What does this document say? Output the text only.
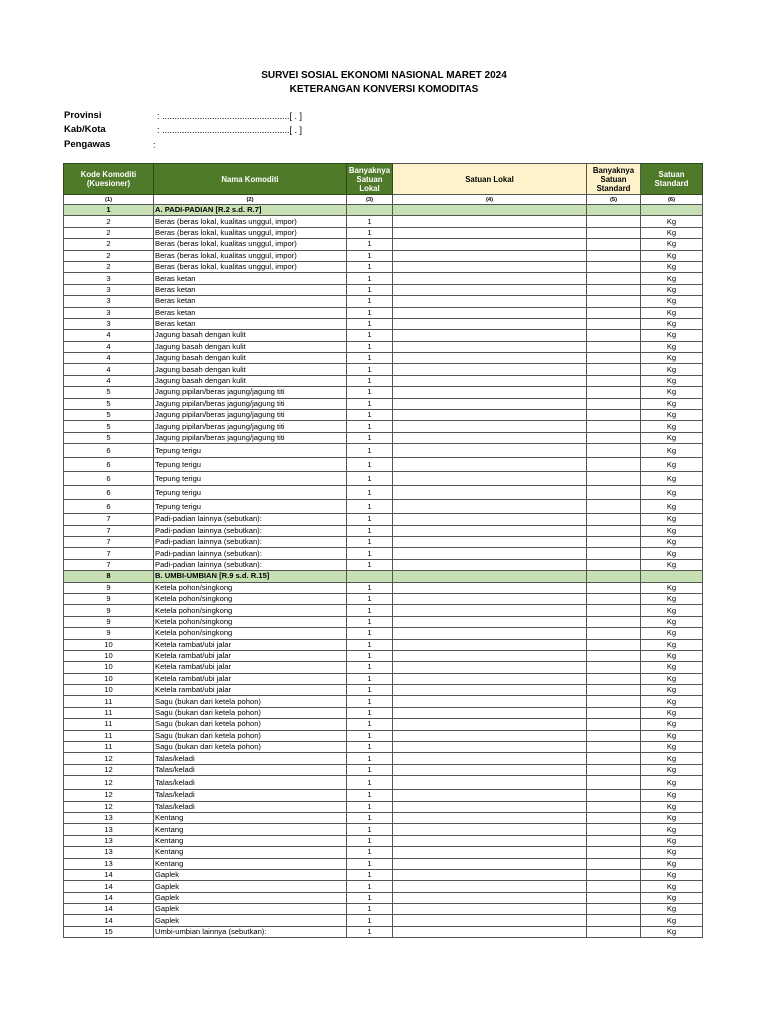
SURVEI SOSIAL EKONOMI NASIONAL MARET 2024
KETERANGAN KONVERSI KOMODITAS
Provinsi	: ...................................................[ . ]
Kab/Kota	: ...................................................[ . ]
Pengawas	:
Kode Komoditi (Kuesioner)	Nama Komoditi	Banyaknya Satuan Lokal	Satuan Lokal	Banyaknya Satuan Standard	Satuan Standard
(1)	(2)	(3)	(4)	(5)	(6)
1	A. PADI-PADIAN [R.2 s.d. R.7]				
2	Beras (beras lokal, kualitas unggul, impor)	1			Kg
2	Beras (beras lokal, kualitas unggul, impor)	1			Kg
2	Beras (beras lokal, kualitas unggul, impor)	1			Kg
2	Beras (beras lokal, kualitas unggul, impor)	1			Kg
2	Beras (beras lokal, kualitas unggul, impor)	1			Kg
3	Beras ketan	1			Kg
3	Beras ketan	1			Kg
3	Beras ketan	1			Kg
3	Beras ketan	1			Kg
3	Beras ketan	1			Kg
4	Jagung basah dengan kulit	1			Kg
4	Jagung basah dengan kulit	1			Kg
4	Jagung basah dengan kulit	1			Kg
4	Jagung basah dengan kulit	1			Kg
4	Jagung basah dengan kulit	1			Kg
5	Jagung pipilan/beras jagung/jagung titi	1			Kg
5	Jagung pipilan/beras jagung/jagung titi	1			Kg
5	Jagung pipilan/beras jagung/jagung titi	1			Kg
5	Jagung pipilan/beras jagung/jagung titi	1			Kg
5	Jagung pipilan/beras jagung/jagung titi	1			Kg
6	Tepung terigu	1			Kg
6	Tepung terigu	1			Kg
6	Tepung terigu	1			Kg
6	Tepung terigu	1			Kg
6	Tepung terigu	1			Kg
7	Padi-padian lainnya (sebutkan):	1			Kg
7	Padi-padian lainnya (sebutkan):	1			Kg
7	Padi-padian lainnya (sebutkan):	1			Kg
7	Padi-padian lainnya (sebutkan):	1			Kg
7	Padi-padian lainnya (sebutkan):	1			Kg
8	B. UMBI-UMBIAN [R.9 s.d. R.15]				
9	Ketela pohon/singkong	1			Kg
9	Ketela pohon/singkong	1			Kg
9	Ketela pohon/singkong	1			Kg
9	Ketela pohon/singkong	1			Kg
9	Ketela pohon/singkong	1			Kg
10	Ketela rambat/ubi jalar	1			Kg
10	Ketela rambat/ubi jalar	1			Kg
10	Ketela rambat/ubi jalar	1			Kg
10	Ketela rambat/ubi jalar	1			Kg
10	Ketela rambat/ubi jalar	1			Kg
11	Sagu (bukan dari ketela pohon)	1			Kg
11	Sagu (bukan dari ketela pohon)	1			Kg
11	Sagu (bukan dari ketela pohon)	1			Kg
11	Sagu (bukan dari ketela pohon)	1			Kg
11	Sagu (bukan dari ketela pohon)	1			Kg
12	Talas/keladi	1			Kg
12	Talas/keladi	1			Kg
12	Talas/keladi	1			Kg
12	Talas/keladi	1			Kg
12	Talas/keladi	1			Kg
13	Kentang	1			Kg
13	Kentang	1			Kg
13	Kentang	1			Kg
13	Kentang	1			Kg
13	Kentang	1			Kg
14	Gaplek	1			Kg
14	Gaplek	1			Kg
14	Gaplek	1			Kg
14	Gaplek	1			Kg
14	Gaplek	1			Kg
15	Umbi-umbian lainnya (sebutkan):	1			Kg
